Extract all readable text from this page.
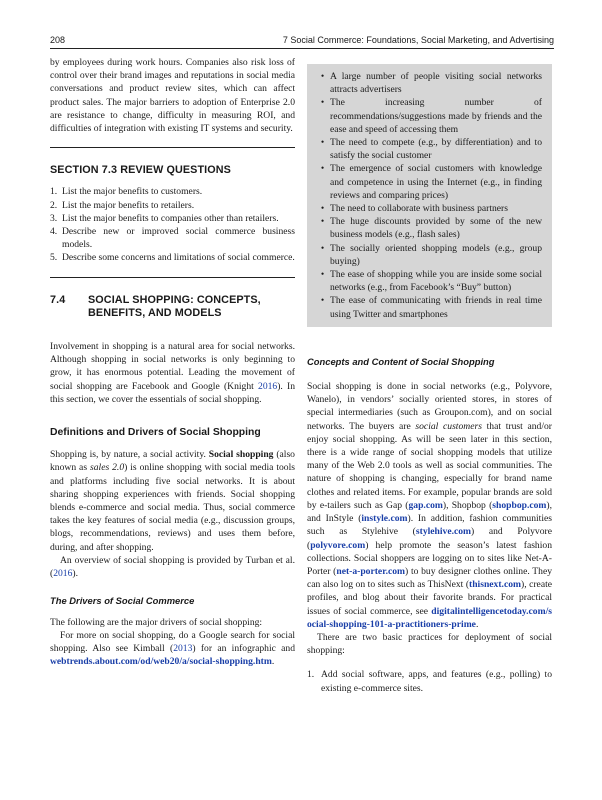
208	7 Social Commerce: Foundations, Social Marketing, and Advertising

by employees during work hours. Companies also risk loss of control over their brand images and reputations in social media conversations and product review sites, which can affect product sales. The major barriers to adoption of Enterprise 2.0 are resistance to change, difficulty in measuring ROI, and difficulties of integration with existing IT systems and security.

SECTION 7.3 REVIEW QUESTIONS
1. List the major benefits to customers.
2. List the major benefits to retailers.
3. List the major benefits to companies other than retailers.
4. Describe new or improved social commerce business models.
5. Describe some concerns and limitations of social commerce.
7.4	SOCIAL SHOPPING: CONCEPTS, BENEFITS, AND MODELS

Involvement in shopping is a natural area for social networks. Although shopping in social networks is only beginning to grow, it has enormous potential. Leading the movement of social shopping are Facebook and Google (Knight 2016). In this section, we cover the essentials of social shopping.

Definitions and Drivers of Social Shopping

Shopping is, by nature, a social activity. Social shopping (also known as sales 2.0) is online shopping with social media tools and platforms including five social networks. It is about sharing shopping experiences with friends. Social shopping blends e-commerce and social media. Thus, social commerce takes the key features of social media (e.g., discussion groups, blogs, recommendations, reviews) and uses them before, during, and after shopping.

An overview of social shopping is provided by Turban et al. (2016).

The Drivers of Social Commerce

The following are the major drivers of social shopping:

For more on social shopping, do a Google search for social shopping. Also see Kimball (2013) for an infographic and webtrends.about.com/od/web20/a/social-shopping.htm.

• A large number of people visiting social networks attracts advertisers
• The increasing number of recommendations/suggestions made by friends and the ease and speed of accessing them
• The need to compete (e.g., by differentiation) and to satisfy the social customer
• The emergence of social customers with knowledge and competence in using the Internet (e.g., in finding reviews and comparing prices)
• The need to collaborate with business partners
• The huge discounts provided by some of the new business models (e.g., flash sales)
• The socially oriented shopping models (e.g., group buying)
• The ease of shopping while you are inside some social networks (e.g., from Facebook’s “Buy” button)
• The ease of communicating with friends in real time using Twitter and smartphones
Concepts and Content of Social Shopping

Social shopping is done in social networks (e.g., Polyvore, Wanelo), in vendors’ socially oriented stores, in stores of special intermediaries (such as Groupon.com), and on social networks. The buyers are social customers that trust and/or enjoy social shopping. As will be seen later in this section, there is a wide range of social shopping models that utilize many of the Web 2.0 tools as well as social communities. The nature of shopping is changing, especially for brand name clothes and related items. For example, popular brands are sold by e-tailers such as Gap (gap.com), Shopbop (shopbop.com), and InStyle (instyle.com). In addition, fashion communities such as Stylehive (stylehive.com) and Polyvore (polyvore.com) help promote the season’s latest fashion collections. Social shoppers are logging on to sites like Net-A-Porter (net-a-porter.com) to buy designer clothes online. They can also log on to sites such as ThisNext (thisnext.com), create profiles, and blog about their favorite brands. For practical issues of social commerce, see digitalintelligencetoday.com/social-shopping-101-a-practitioners-prime.

There are two basic practices for deployment of social shopping:

1. Add social software, apps, and features (e.g., polling) to existing e-commerce sites.
